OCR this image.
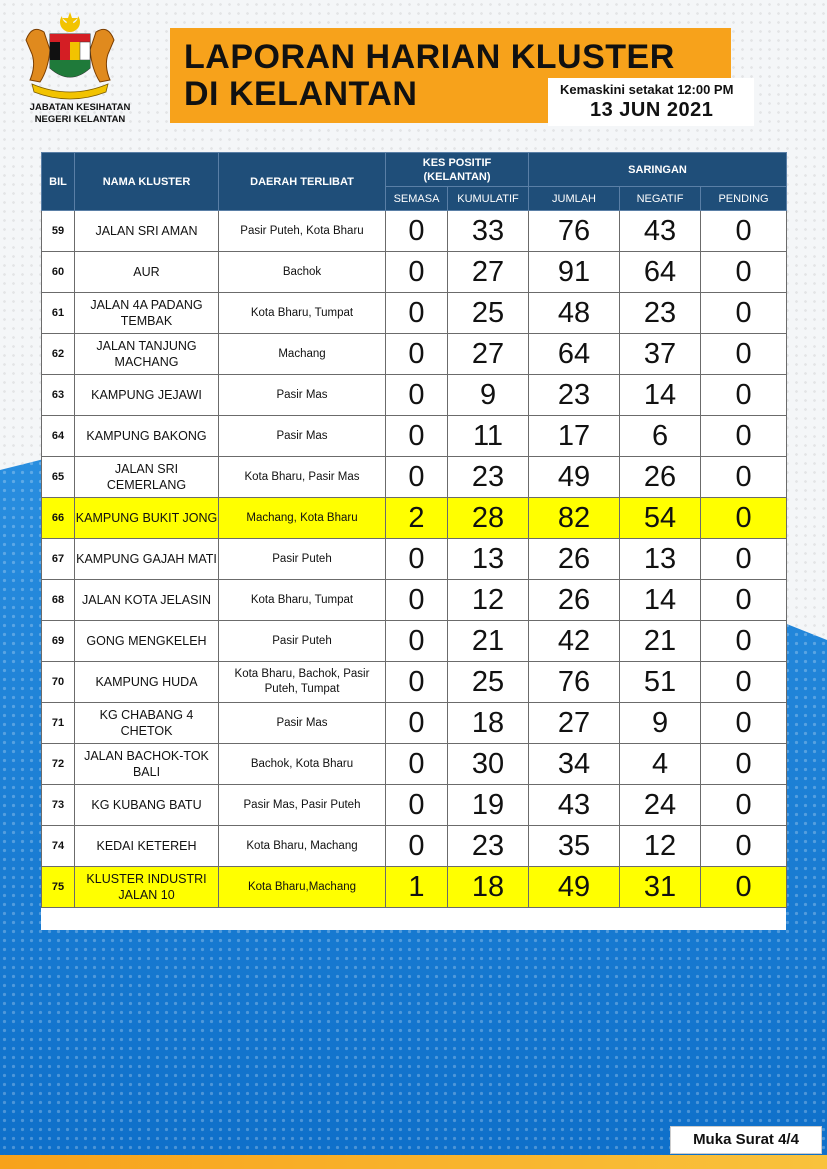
JABATAN KESIHATAN
NEGERI KELANTAN
LAPORAN HARIAN KLUSTER
DI KELANTAN	Kemaskini setakat 12:00 PM
13 JUN 2021
BIL	NAMA KLUSTER	DAERAH TERLIBAT	KES POSITIF (KELANTAN)		SARINGAN		
			SEMASA	KUMULATIF	JUMLAH	NEGATIF	PENDING
59	JALAN SRI AMAN	Pasir Puteh, Kota Bharu	0	33	76	43	0
60	AUR	Bachok	0	27	91	64	0
61	JALAN 4A PADANG TEMBAK	Kota Bharu, Tumpat	0	25	48	23	0
62	JALAN TANJUNG MACHANG	Machang	0	27	64	37	0
63	KAMPUNG JEJAWI	Pasir Mas	0	9	23	14	0
64	KAMPUNG BAKONG	Pasir Mas	0	11	17	6	0
65	JALAN SRI CEMERLANG	Kota Bharu, Pasir Mas	0	23	49	26	0
66	KAMPUNG BUKIT JONG	Machang, Kota Bharu	2	28	82	54	0
67	KAMPUNG GAJAH MATI	Pasir Puteh	0	13	26	13	0
68	JALAN KOTA JELASIN	Kota Bharu, Tumpat	0	12	26	14	0
69	GONG MENGKELEH	Pasir Puteh	0	21	42	21	0
70	KAMPUNG HUDA	Kota Bharu, Bachok, Pasir Puteh, Tumpat	0	25	76	51	0
71	KG CHABANG 4 CHETOK	Pasir Mas	0	18	27	9	0
72	JALAN BACHOK-TOK BALI	Bachok, Kota Bharu	0	30	34	4	0
73	KG KUBANG BATU	Pasir Mas, Pasir Puteh	0	19	43	24	0
74	KEDAI KETEREH	Kota Bharu, Machang	0	23	35	12	0
75	KLUSTER INDUSTRI JALAN 10	Kota Bharu,Machang	1	18	49	31	0
Muka Surat 4/4
